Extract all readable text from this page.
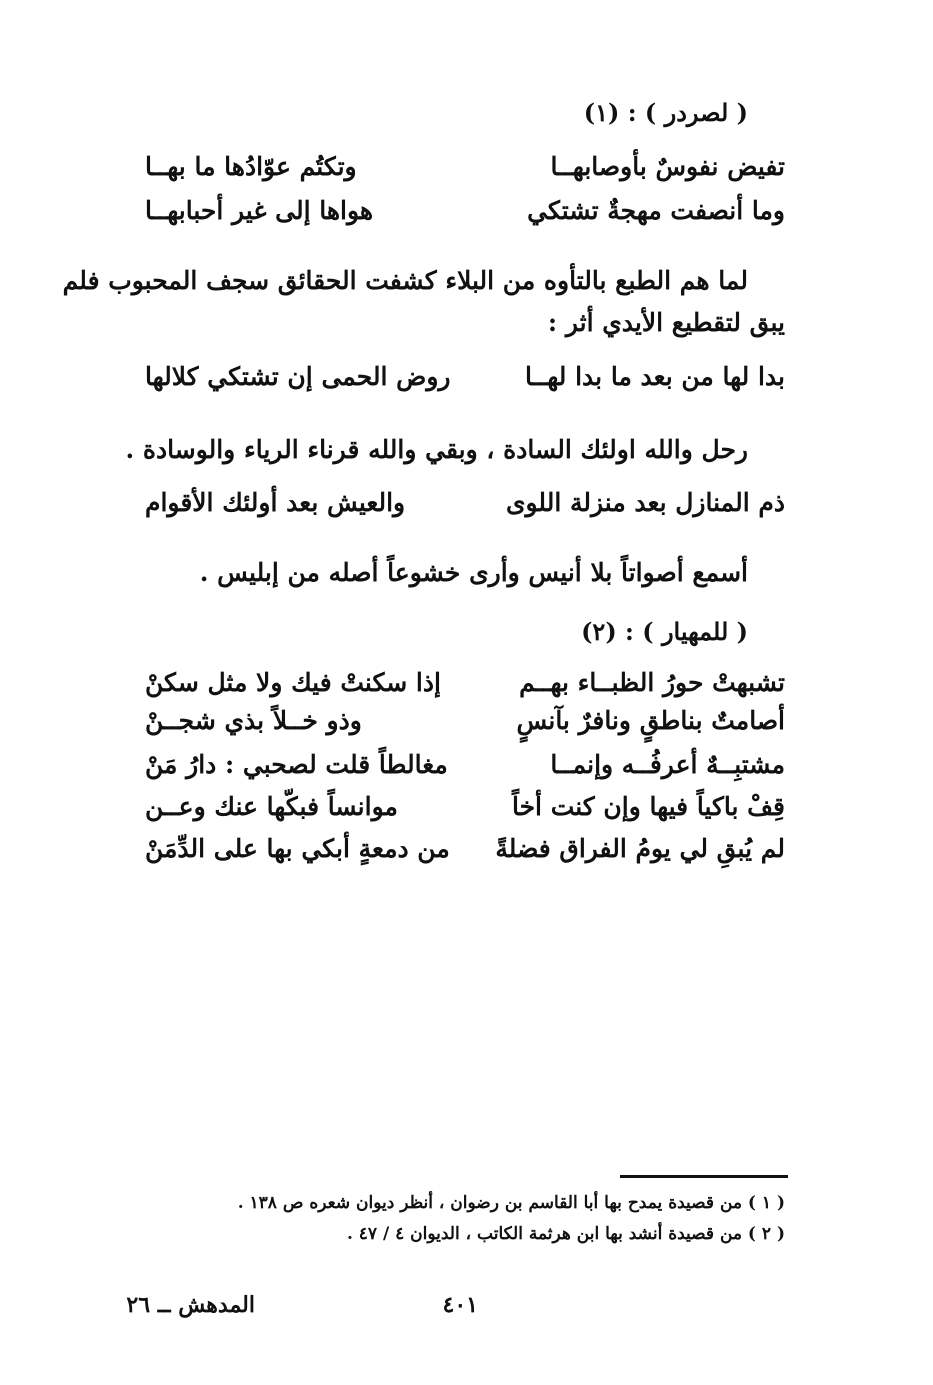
( لصردر ) : (١)
تفيض نفوسٌ بأوصابهــا
وتكتُم عوّادُها ما بهــا
وما أنصفت مهجةٌ تشتكي
هواها إلى غير أحبابهــا
لما هم الطبع بالتأوه من البلاء كشفت الحقائق سجف المحبوب فلم
يبق لتقطيع الأيدي أثر :
بدا لها من بعد ما بدا لهــا
روض الحمى إن تشتكي كلالها
رحل والله اولئك السادة ، وبقي والله قرناء الرياء والوسادة .
ذم المنازل بعد منزلة اللوى
والعيش بعد أولئك الأقوام
أسمع أصواتاً بلا أنيس وأرى خشوعاً أصله من إبليس .
( للمهيار ) : (٢)
تشبهتْ حورُ الظبــاء بهــم
إذا سكنتْ فيك ولا مثل سكنْ
أصامتٌ بناطقٍ ونافرٌ بآنسٍ
وذو خــلاً بذي شجــنْ
مشتبِــهٌ أعرفُــه وإنمــا
مغالطاً قلت لصحبي : دارُ مَنْ
قِفْ باكياً فيها وإن كنت أخاً
موانساً فبكّها عنك وعــن
لم يُبقِ لي يومُ الفراق فضلةً
من دمعةٍ أبكي بها على الدِّمَنْ
( ١ ) من قصيدة يمدح بها أبا القاسم بن رضوان ، أنظر ديوان شعره ص ١٣٨ .
( ٢ ) من قصيدة أنشد بها ابن هرثمة الكاتب ، الديوان ٤ / ٤٧ .
المدهش ــ ٢٦	٤٠١
